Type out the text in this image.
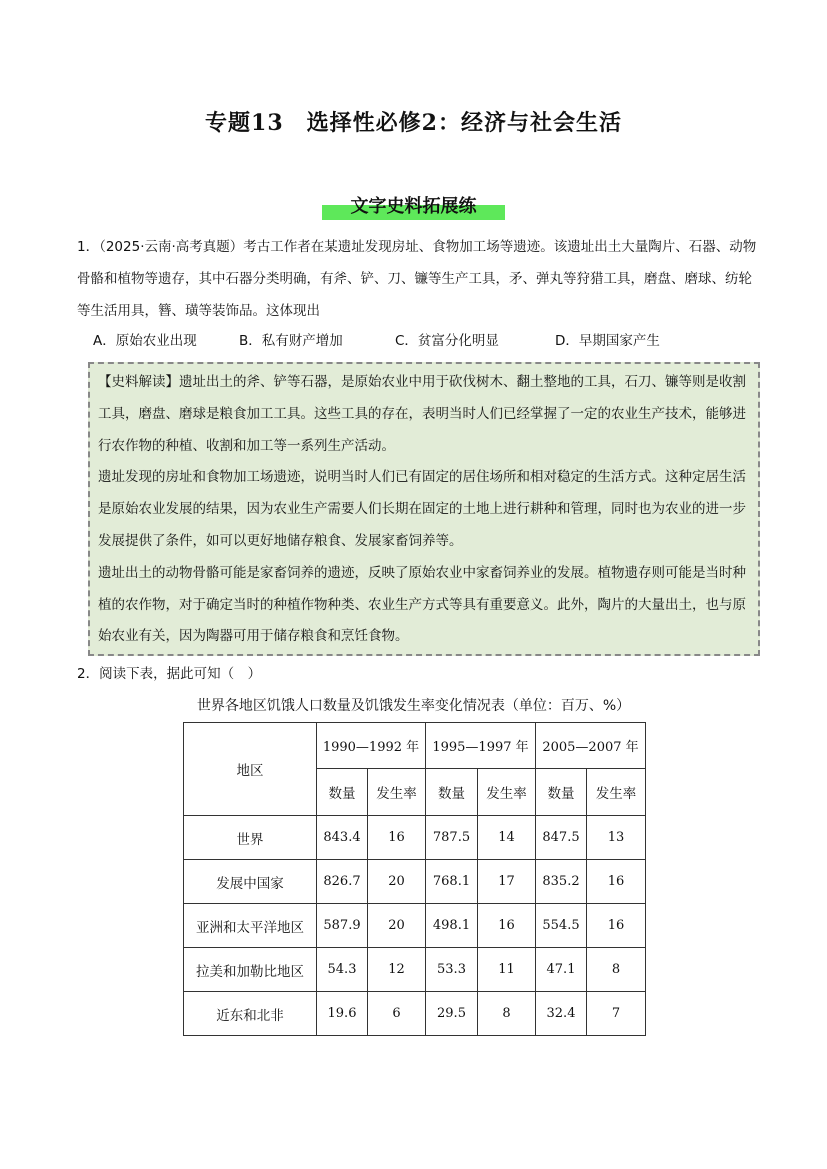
专题13　选择性必修2：经济与社会生活
文字史料拓展练
1．（2025·云南·高考真题）考古工作者在某遗址发现房址、食物加工场等遗迹。该遗址出土大量陶片、石器、动物 骨骼和植物等遗存，其中石器分类明确，有斧、铲、刀、镰等生产工具，矛、弹丸等狩猎工具，磨盘、磨球、纺轮等生活用具，簪、璜等装饰品。这体现出
A．原始农业出现	B．私有财产增加	C．贫富分化明显	D．早期国家产生

【史料解读】遗址出土的斧、铲等石器，是原始农业中用于砍伐树木、翻土整地的工具，石刀、镰等则是收割工具，磨盘、磨球是粮食加工工具。这些工具的存在，表明当时人们已经掌握了一定的农业生产技术，能够进行农作物的种植、收割和加工等一系列生产活动。

遗址发现的房址和食物加工场遗迹，说明当时人们已有固定的居住场所和相对稳定的生活方式。这种定居生活是原始农业发展的结果，因为农业生产需要人们长期在固定的土地上进行耕种和管理，同时也为农业的进一步发展提供了条件，如可以更好地储存粮食、发展家畜饲养等。

遗址出土的动物骨骼可能是家畜饲养的遗迹，反映了原始农业中家畜饲养业的发展。植物遗存则可能是当时种植的农作物，对于确定当时的种植作物种类、农业生产方式等具有重要意义。此外，陶片的大量出土，也与原始农业有关，因为陶器可用于储存粮食和烹饪食物。

2．阅读下表，据此可知（　）
世界各地区饥饿人口数量及饥饿发生率变化情况表（单位：百万、%）
地区	1990—1992 年		1995—1997 年		2005—2007 年	
	数量	发生率	数量	发生率	数量	发生率
世界	843.4	16	787.5	14	847.5	13
发展中国家	826.7	20	768.1	17	835.2	16
亚洲和太平洋地区	587.9	20	498.1	16	554.5	16
拉美和加勒比地区	54.3	12	53.3	11	47.1	8
近东和北非	19.6	6	29.5	8	32.4	7
